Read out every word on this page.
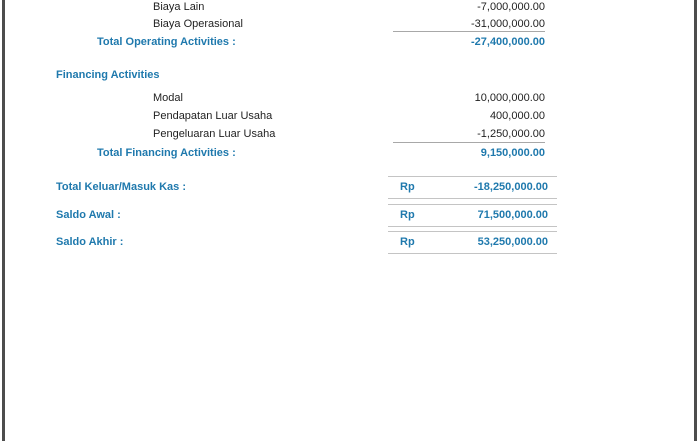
Biaya Lain	-7,000,000.00
Biaya Operasional	-31,000,000.00
Total Operating Activities :	-27,400,000.00
Financing Activities
Modal	10,000,000.00
Pendapatan Luar Usaha	400,000.00
Pengeluaran Luar Usaha	-1,250,000.00
Total Financing Activities :	9,150,000.00
Total Keluar/Masuk Kas :	Rp	-18,250,000.00
Saldo Awal :	Rp	71,500,000.00
Saldo Akhir :	Rp	53,250,000.00
